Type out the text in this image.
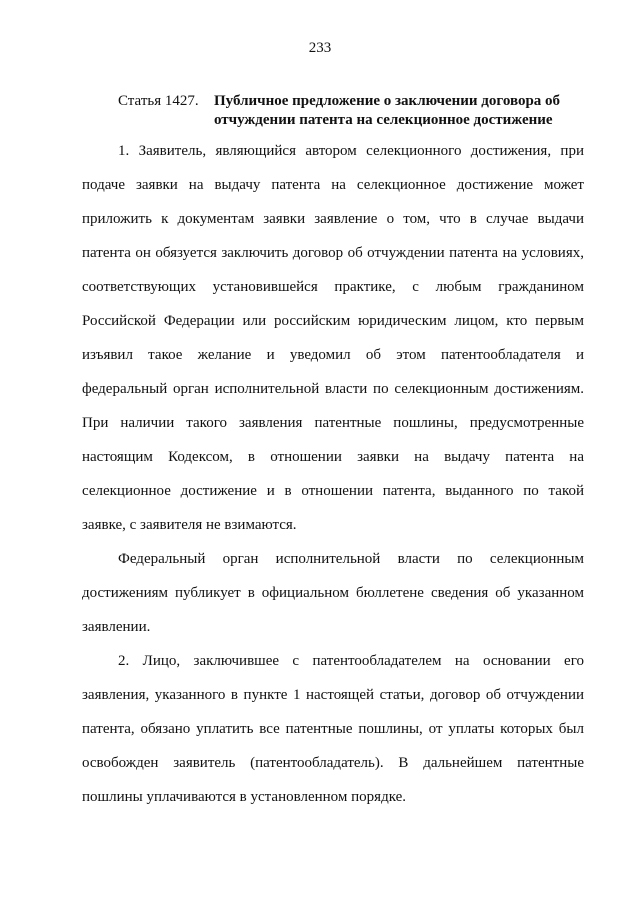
233
Статья 1427. Публичное предложение о заключении договора об
отчуждении патента на селекционное достижение
1. Заявитель, являющийся автором селекционного достижения, при
подаче заявки на выдачу патента на селекционное достижение может
приложить к документам заявки заявление о том, что в случае выдачи
патента он обязуется заключить договор об отчуждении патента на условиях,
соответствующих установившейся практике, с любым гражданином
Российской Федерации или российским юридическим лицом, кто первым
изъявил такое желание и уведомил об этом патентообладателя и
федеральный орган исполнительной власти по селекционным достижениям.
При наличии такого заявления патентные пошлины, предусмотренные
настоящим Кодексом, в отношении заявки на выдачу патента на
селекционное достижение и в отношении патента, выданного по такой
заявке, с заявителя не взимаются.
Федеральный орган исполнительной власти по селекционным
достижениям публикует в официальном бюллетене сведения об указанном
заявлении.
2. Лицо, заключившее с патентообладателем на основании его
заявления, указанного в пункте 1 настоящей статьи, договор об отчуждении
патента, обязано уплатить все патентные пошлины, от уплаты которых был
освобожден заявитель (патентообладатель). В дальнейшем патентные
пошлины уплачиваются в установленном порядке.
